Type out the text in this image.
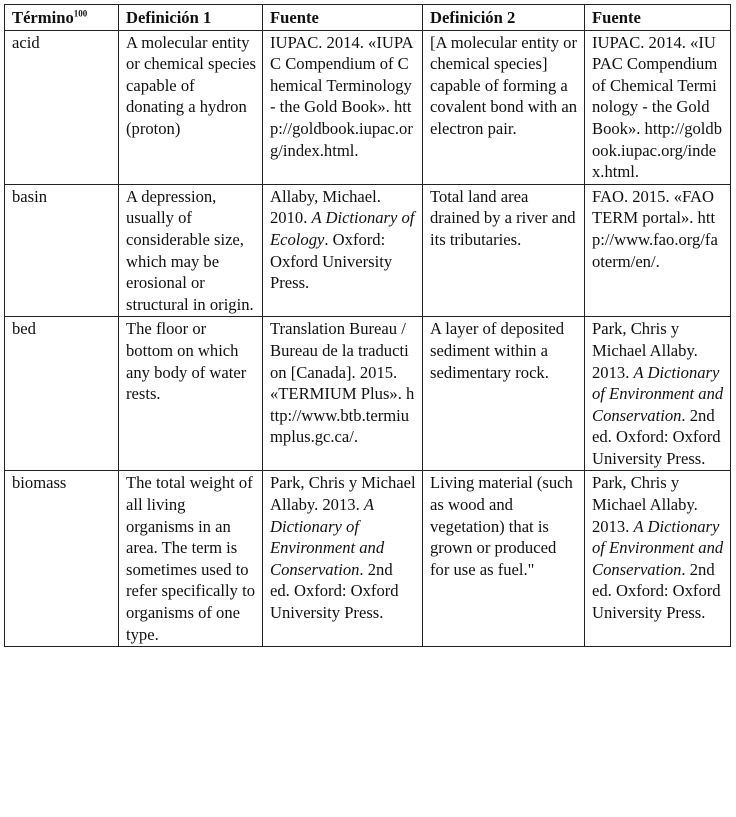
Término$^{100}$	Definición 1	Fuente	Definición 2	Fuente
acid	A molecular entity or chemical species capable of donating a hydron (proton)	IUPAC. 2014. «IUPAC Compendium of Chemical Terminology - the Gold Book». http://goldbook.iupac.org/index.html.	[A molecular entity or chemical species] capable of forming a covalent bond with an electron pair.	IUPAC. 2014. «IUPAC Compendium of Chemical Terminology - the Gold Book». http://goldbook.iupac.org/index.html.
basin	A depression, usually of considerable size, which may be erosional or structural in origin.	Allaby, Michael. 2010. A Dictionary of Ecology. Oxford: Oxford University Press.	Total land area drained by a river and its tributaries.	FAO. 2015. «FAO TERM portal». http://www.fao.org/faoterm/en/.
bed	The floor or bottom on which any body of water rests.	Translation Bureau / Bureau de la traduction [Canada]. 2015. «TERMIUM Plus». http://www.btb.termiumplus.gc.ca/.	A layer of deposited sediment within a sedimentary rock.	Park, Chris y Michael Allaby. 2013. A Dictionary of Environment and Conservation. 2nd ed. Oxford: Oxford University Press.
biomass	The total weight of all living organisms in an area. The term is sometimes used to refer specifically to organisms of one type.	Park, Chris y Michael Allaby. 2013. A Dictionary of Environment and Conservation. 2nd ed. Oxford: Oxford University Press.	Living material (such as wood and vegetation) that is grown or produced for use as fuel."	Park, Chris y Michael Allaby. 2013. A Dictionary of Environment and Conservation. 2nd ed. Oxford: Oxford University Press.
